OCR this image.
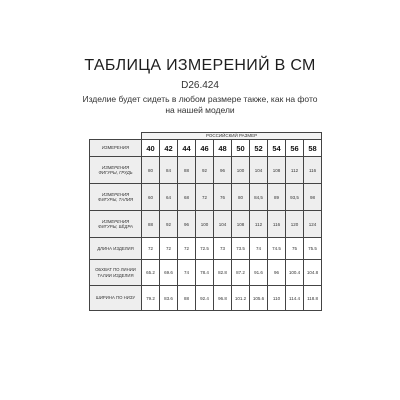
ТАБЛИЦА ИЗМЕРЕНИЙ В СМ
D26.424
Изделие будет сидеть в любом размере также, как на фото на нашей модели
	РОССИЙСКИЙ РАЗМЕР									
ИЗМЕРЕНИЯ	40	42	44	46	48	50	52	54	56	58
ИЗМЕРЕНИЯ ФИГУРЫ, ГРУДЬ	80	84	88	92	96	100	104	108	112	116
ИЗМЕРЕНИЯ ФИГУРЫ, ТАЛИЯ	60	64	68	72	76	80	84,5	89	93,5	98
ИЗМЕРЕНИЯ ФИГУРЫ, БЁДРА	88	92	96	100	104	108	112	116	120	124
ДЛИНА ИЗДЕЛИЯ	72	72	72	72.5	73	73.5	74	74.5	75	75.5
ОБХВАТ ПО ЛИНИИ ТАЛИИ ИЗДЕЛИЯ	65.2	69.6	74	78.4	82.8	87.2	91.6	96	100.4	104.8
ШИРИНА ПО НИЗУ	79.2	83.6	88	92.4	96.8	101.2	105.6	110	114.4	118.8
